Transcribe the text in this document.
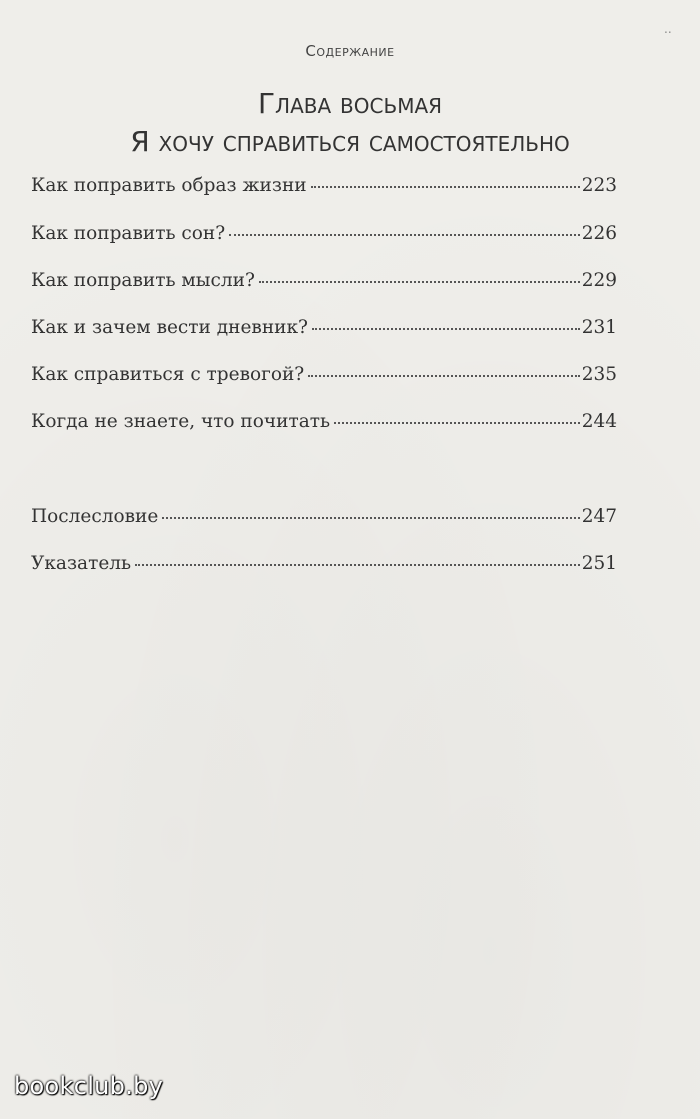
..
Содержание
Глава восьмая
Я хочу справиться самостоятельно
Как поправить образ жизни	223
Как поправить сон?	226
Как поправить мысли?	229
Как и зачем вести дневник?	231
Как справиться с тревогой?	235
Когда не знаете, что почитать	244
Послесловие	247
Указатель	251
bookclub.by
